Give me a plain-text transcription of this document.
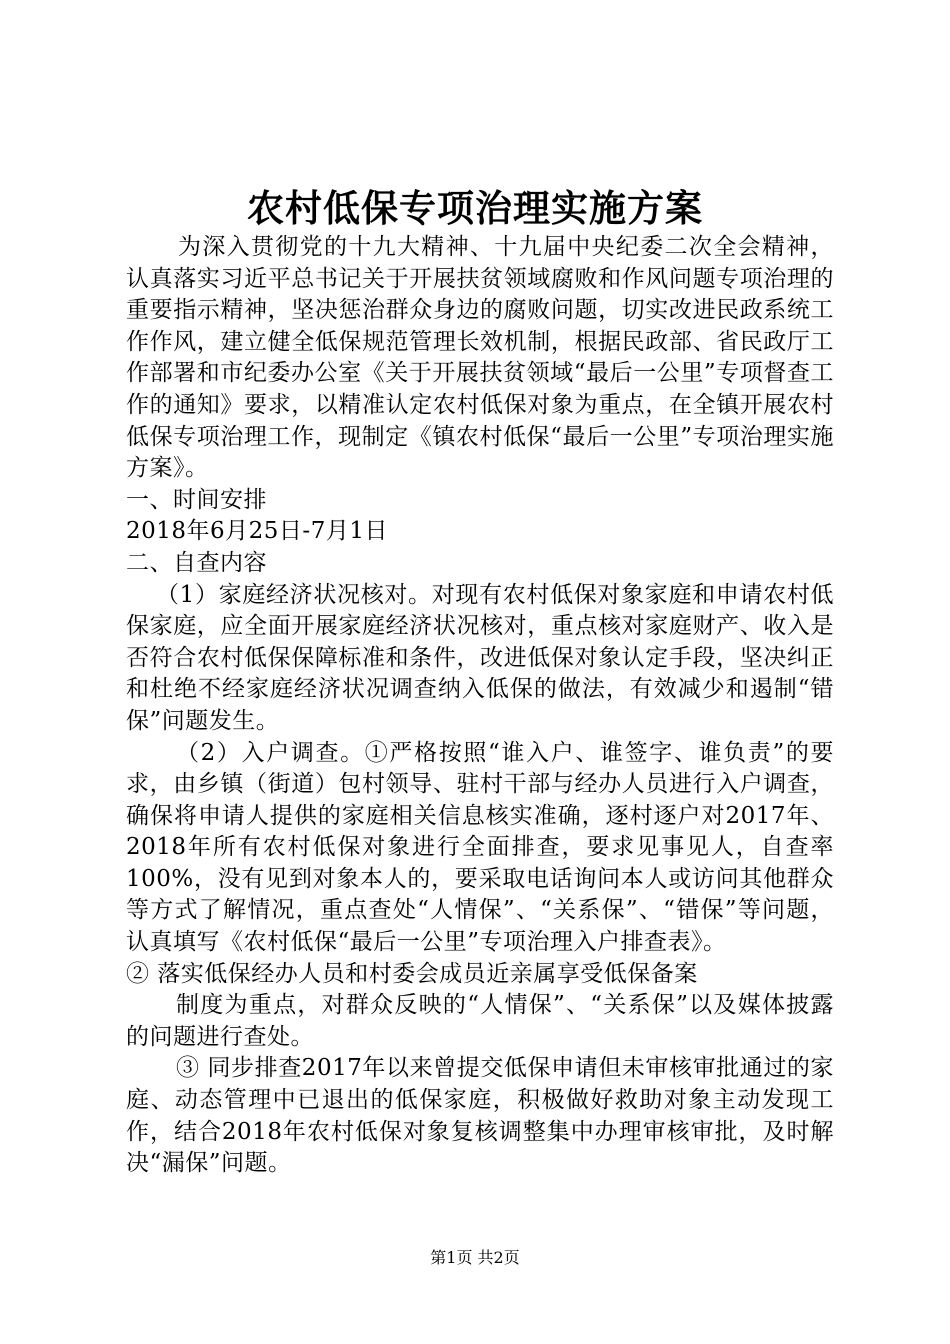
农村低保专项治理实施方案

为深入贯彻党的十九大精神、十九届中央纪委二次全会精神，认真落实习近平总书记关于开展扶贫领域腐败和作风问题专项治理的重要指示精神，坚决惩治群众身边的腐败问题，切实改进民政系统工作作风，建立健全低保规范管理长效机制，根据民政部、省民政厅工作部署和市纪委办公室《关于开展扶贫领域“最后一公里”专项督查工作的通知》要求，以精准认定农村低保对象为重点，在全镇开展农村低保专项治理工作，现制定《镇农村低保“最后一公里”专项治理实施方案》。

一、时间安排

2018年6月25日-7月1日

二、自查内容

（1）家庭经济状况核对。对现有农村低保对象家庭和申请农村低保家庭，应全面开展家庭经济状况核对，重点核对家庭财产、收入是否符合农村低保保障标准和条件，改进低保对象认定手段，坚决纠正和杜绝不经家庭经济状况调查纳入低保的做法，有效减少和遏制“错保”问题发生。

（2）入户调查。①严格按照“谁入户、谁签字、谁负责”的要求，由乡镇（街道）包村领导、驻村干部与经办人员进行入户调查，确保将申请人提供的家庭相关信息核实准确，逐村逐户对2017年、2018年所有农村低保对象进行全面排查，要求见事见人，自查率100%，没有见到对象本人的，要采取电话询问本人或访问其他群众等方式了解情况，重点查处“人情保”、“关系保”、“错保”等问题，认真填写《农村低保“最后一公里”专项治理入户排查表》。

② 落实低保经办人员和村委会成员近亲属享受低保备案

制度为重点，对群众反映的“人情保”、“关系保”以及媒体披露的问题进行查处。

③ 同步排查2017年以来曾提交低保申请但未审核审批通过的家庭、动态管理中已退出的低保家庭，积极做好救助对象主动发现工作，结合2018年农村低保对象复核调整集中办理审核审批，及时解决“漏保”问题。

第1页 共2页
